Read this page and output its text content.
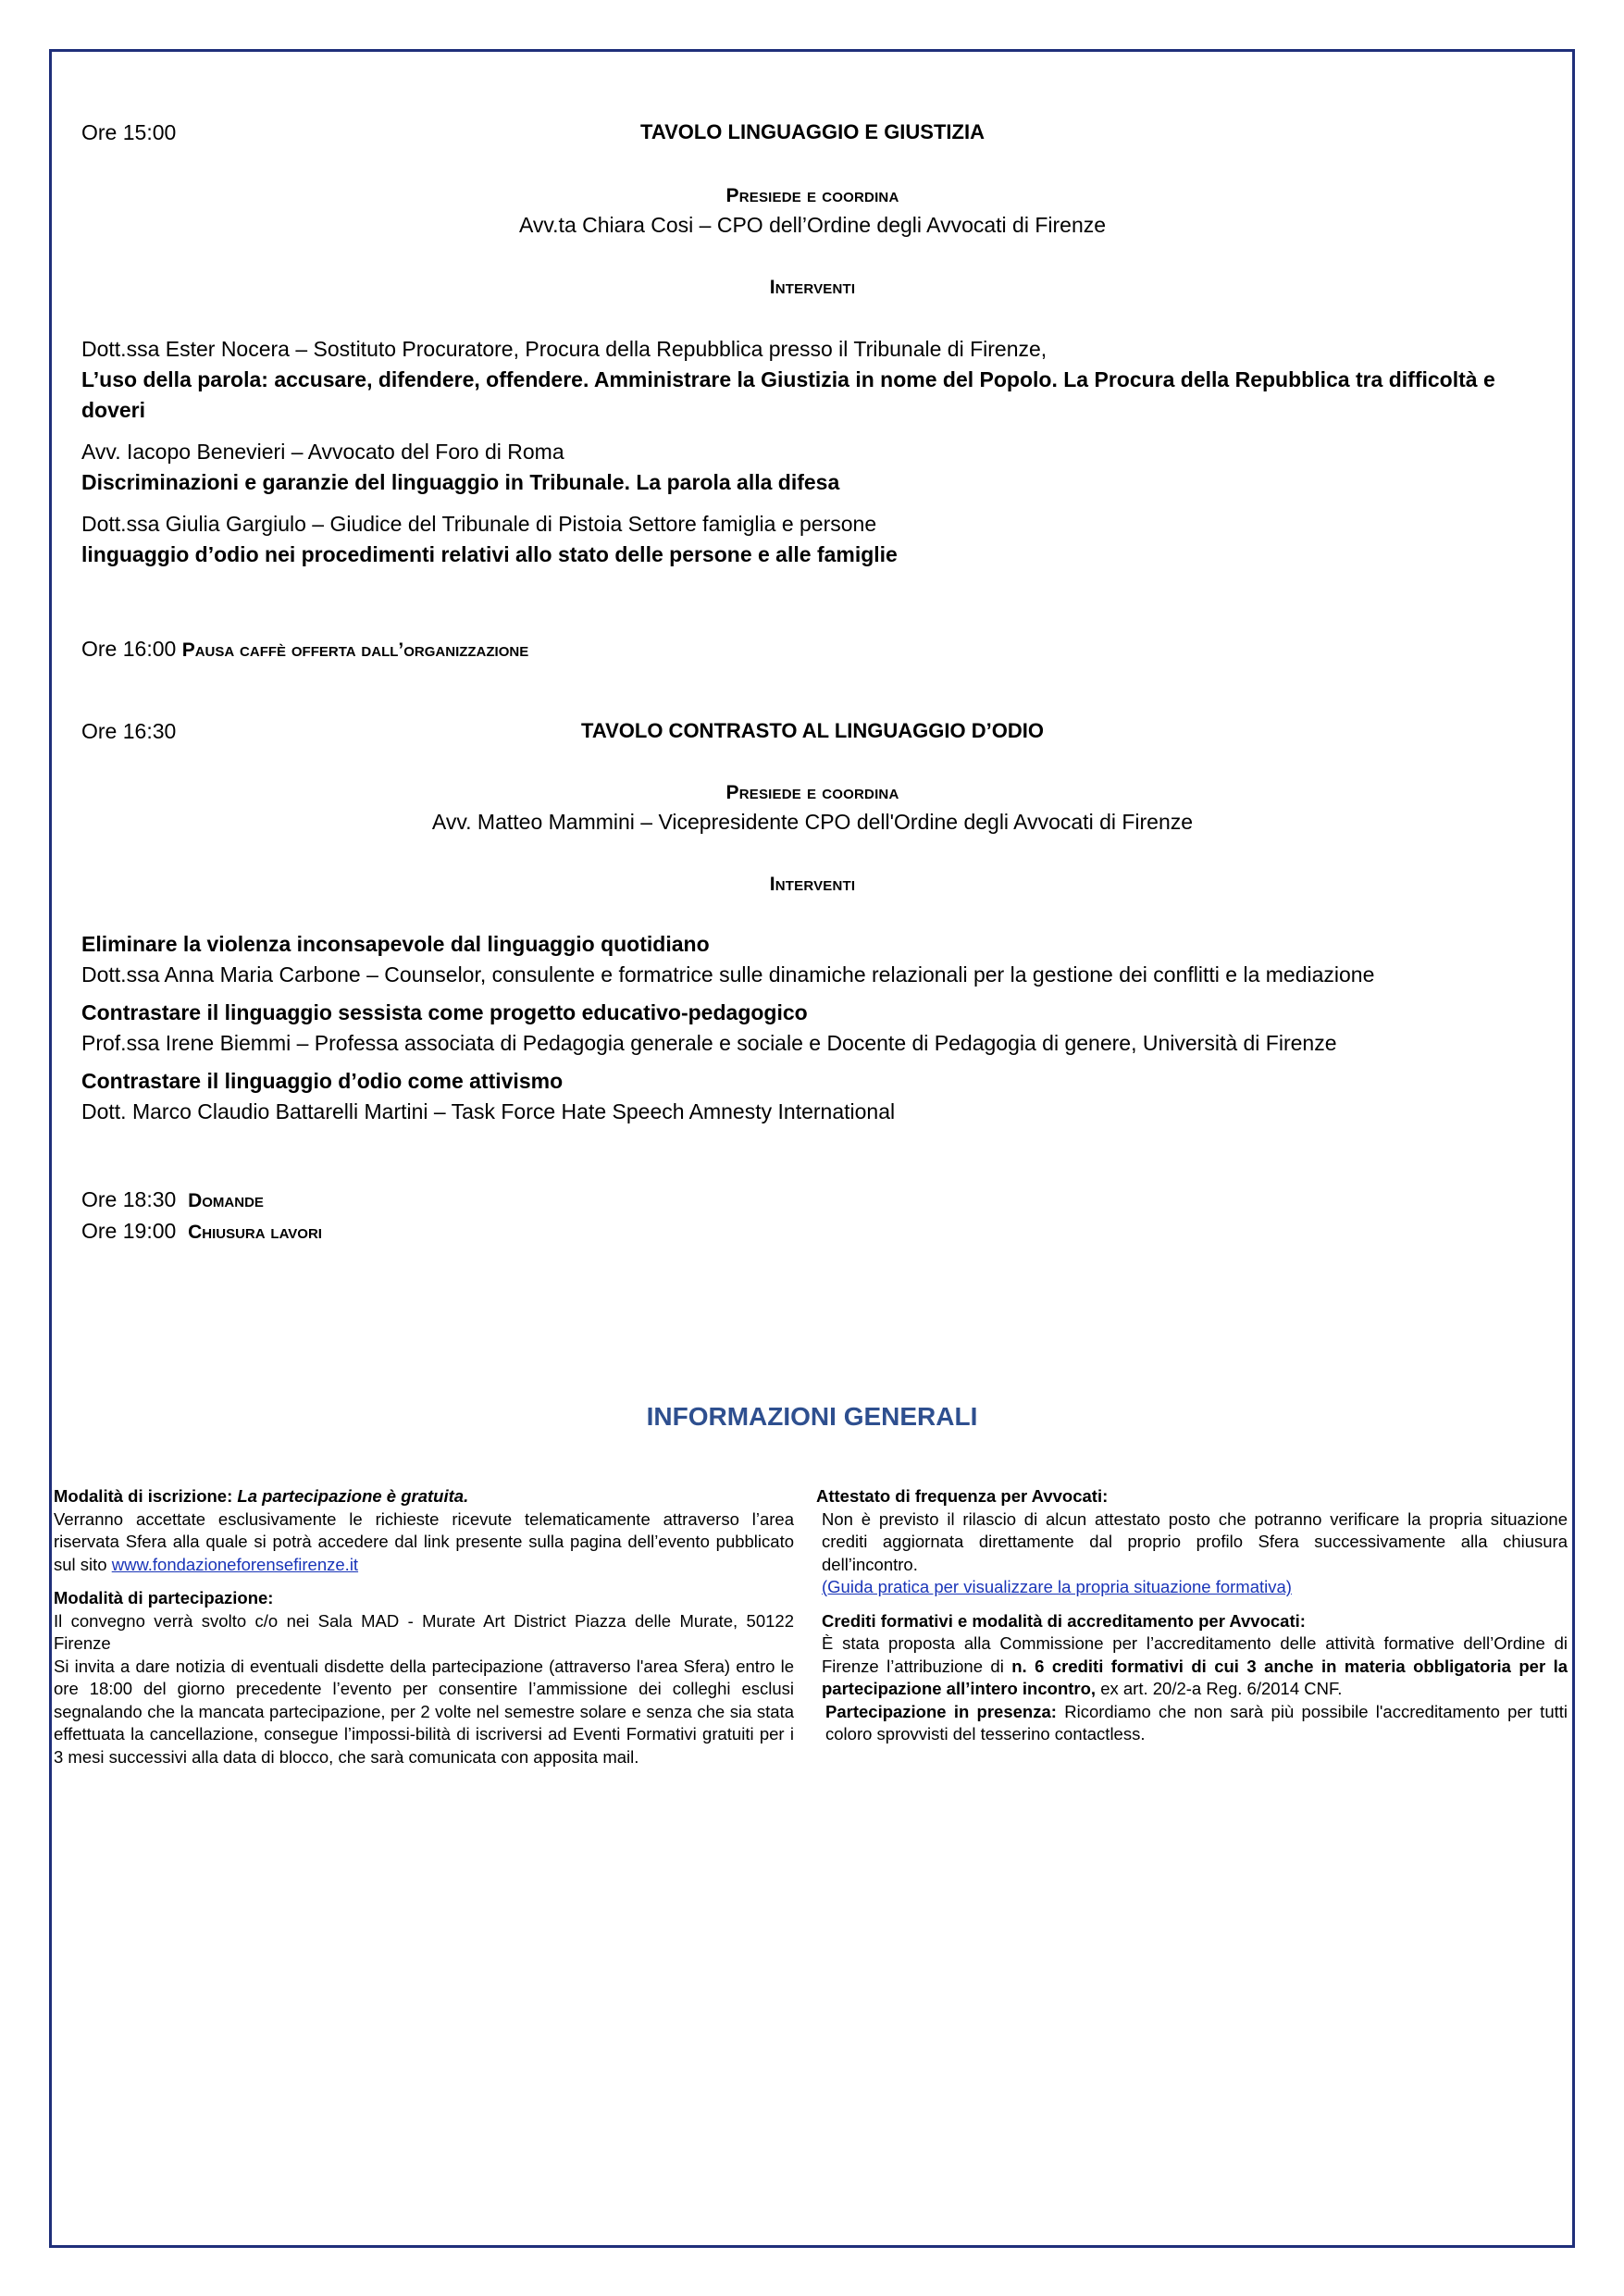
Ore 15:00	TAVOLO LINGUAGGIO E GIUSTIZIA
Presiede e coordina
Avv.ta Chiara Cosi – CPO dell’Ordine degli Avvocati di Firenze
Interventi
Dott.ssa Ester Nocera – Sostituto Procuratore, Procura della Repubblica presso il Tribunale di Firenze,
L’uso della parola: accusare, difendere, offendere. Amministrare la Giustizia in nome del Popolo. La Procura della Repubblica tra difficoltà e doveri
Avv. Iacopo Benevieri – Avvocato del Foro di Roma
Discriminazioni e garanzie del linguaggio in Tribunale. La parola alla difesa
Dott.ssa Giulia Gargiulo – Giudice del Tribunale di Pistoia Settore famiglia e persone
linguaggio d’odio nei procedimenti relativi allo stato delle persone e alle famiglie
Ore 16:00 Pausa caffè offerta dall’organizzazione
Ore 16:30	TAVOLO CONTRASTO AL LINGUAGGIO D’ODIO
Presiede e coordina
Avv. Matteo Mammini – Vicepresidente CPO dell'Ordine degli Avvocati di Firenze
Interventi
Eliminare la violenza inconsapevole dal linguaggio quotidiano
Dott.ssa Anna Maria Carbone – Counselor, consulente e formatrice sulle dinamiche relazionali per la gestione dei conflitti e la mediazione
Contrastare il linguaggio sessista come progetto educativo-pedagogico
Prof.ssa Irene Biemmi – Professa associata di Pedagogia generale e sociale e Docente di Pedagogia di genere, Università di Firenze
Contrastare il linguaggio d’odio come attivismo
Dott. Marco Claudio Battarelli Martini – Task Force Hate Speech Amnesty International
Ore 18:30 Domande
Ore 19:00 Chiusura lavori
INFORMAZIONI GENERALI
Modalità di iscrizione: La partecipazione è gratuita.
Verranno accettate esclusivamente le richieste ricevute telematicamente attraverso l’area riservata Sfera alla quale si potrà accedere dal link presente sulla pagina dell’evento pubblicato sul sito www.fondazioneforensefirenze.it
Modalità di partecipazione:
Il convegno verrà svolto c/o nei Sala MAD - Murate Art District Piazza delle Murate, 50122 Firenze
Si invita a dare notizia di eventuali disdette della partecipazione (attraverso l'area Sfera) entro le ore 18:00 del giorno precedente l’evento per consentire l’ammissione dei colleghi esclusi segnalando che la mancata partecipazione, per 2 volte nel semestre solare e senza che sia stata effettuata la cancellazione, consegue l’impossi-bilità di iscriversi ad Eventi Formativi gratuiti per i 3 mesi successivi alla data di blocco, che sarà comunicata con apposita mail.
Attestato di frequenza per Avvocati:
Non è previsto il rilascio di alcun attestato posto che potranno verificare la propria situazione crediti aggiornata direttamente dal proprio profilo Sfera successivamente alla chiusura dell’incontro.
(Guida pratica per visualizzare la propria situazione formativa)
Crediti formativi e modalità di accreditamento per Avvocati:
È stata proposta alla Commissione per l’accreditamento delle attività formative dell’Ordine di Firenze l’attribuzione di n. 6 crediti formativi di cui 3 anche in materia obbligatoria per la partecipazione all’intero incontro, ex art. 20/2-a Reg. 6/2014 CNF.
Partecipazione in presenza: Ricordiamo che non sarà più possibile l'accreditamento per tutti coloro sprovvisti del tesserino contactless.
